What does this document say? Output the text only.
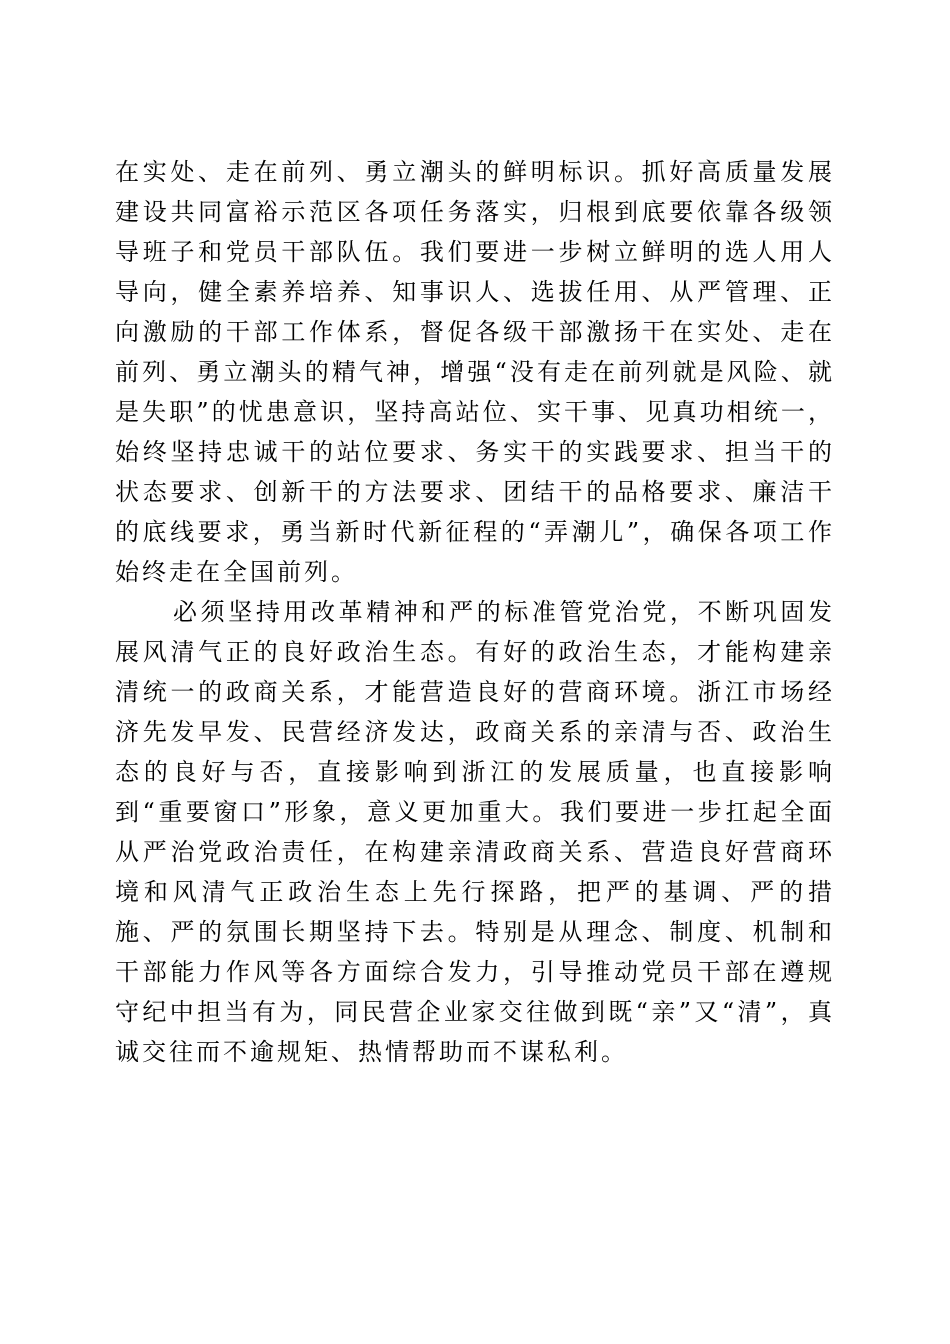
在实处、走在前列、勇立潮头的鲜明标识。抓好高质量发展建设共同富裕示范区各项任务落实，归根到底要依靠各级领导班子和党员干部队伍。我们要进一步树立鲜明的选人用人导向，健全素养培养、知事识人、选拔任用、从严管理、正向激励的干部工作体系，督促各级干部激扬干在实处、走在前列、勇立潮头的精气神，增强“没有走在前列就是风险、就是失职”的忧患意识，坚持高站位、实干事、见真功相统一，始终坚持忠诚干的站位要求、务实干的实践要求、担当干的状态要求、创新干的方法要求、团结干的品格要求、廉洁干的底线要求，勇当新时代新征程的“弄潮儿”，确保各项工作始终走在全国前列。

必须坚持用改革精神和严的标准管党治党，不断巩固发展风清气正的良好政治生态。有好的政治生态，才能构建亲清统一的政商关系，才能营造良好的营商环境。浙江市场经济先发早发、民营经济发达，政商关系的亲清与否、政治生态的良好与否，直接影响到浙江的发展质量，也直接影响到“重要窗口”形象，意义更加重大。我们要进一步扛起全面从严治党政治责任，在构建亲清政商关系、营造良好营商环境和风清气正政治生态上先行探路，把严的基调、严的措施、严的氛围长期坚持下去。特别是从理念、制度、机制和干部能力作风等各方面综合发力，引导推动党员干部在遵规守纪中担当有为，同民营企业家交往做到既“亲”又“清”，真诚交往而不逾规矩、热情帮助而不谋私利。
